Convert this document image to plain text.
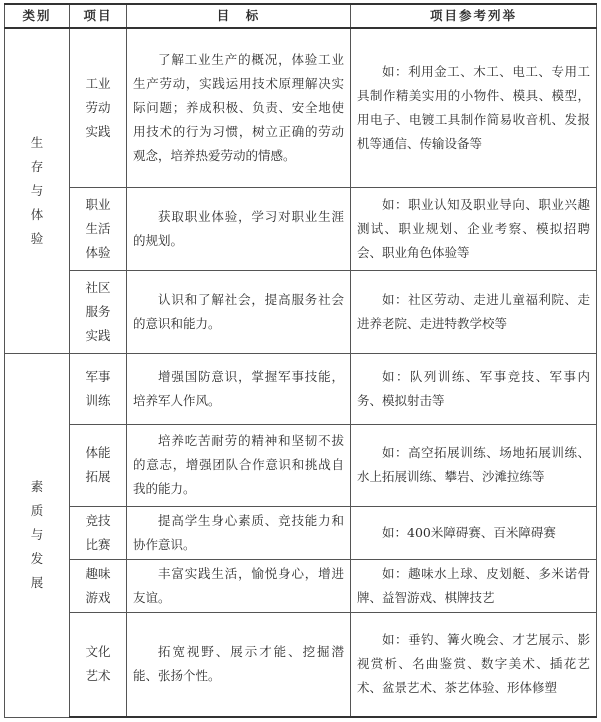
类别	项目	目　标	项目参考列举
生存与体验	工业劳动实践	了解工业生产的概况，体验工业生产劳动，实践运用技术原理解决实际问题；养成积极、负责、安全地使用技术的行为习惯，树立正确的劳动观念，培养热爱劳动的情感。	如：利用金工、木工、电工、专用工具制作精美实用的小物件、模具、模型，用电子、电镀工具制作简易收音机、发报机等通信、传输设备等
	职业生活体验	获取职业体验，学习对职业生涯的规划。	如：职业认知及职业导向、职业兴趣测试、职业规划、企业考察、模拟招聘会、职业角色体验等
	社区服务实践	认识和了解社会，提高服务社会的意识和能力。	如：社区劳动、走进儿童福利院、走进养老院、走进特教学校等
素质与发展	军事训练	增强国防意识，掌握军事技能，培养军人作风。	如：队列训练、军事竞技、军事内务、模拟射击等
	体能拓展	培养吃苦耐劳的精神和坚韧不拔的意志，增强团队合作意识和挑战自我的能力。	如：高空拓展训练、场地拓展训练、水上拓展训练、攀岩、沙滩拉练等
	竞技比赛	提高学生身心素质、竞技能力和协作意识。	如：400米障碍赛、百米障碍赛
	趣味游戏	丰富实践生活，愉悦身心，增进友谊。	如：趣味水上球、皮划艇、多米诺骨牌、益智游戏、棋牌技艺
	文化艺术	拓宽视野、展示才能、挖掘潜能、张扬个性。	如：垂钓、篝火晚会、才艺展示、影视赏析、名曲鉴赏、数字美术、插花艺术、盆景艺术、茶艺体验、形体修塑
